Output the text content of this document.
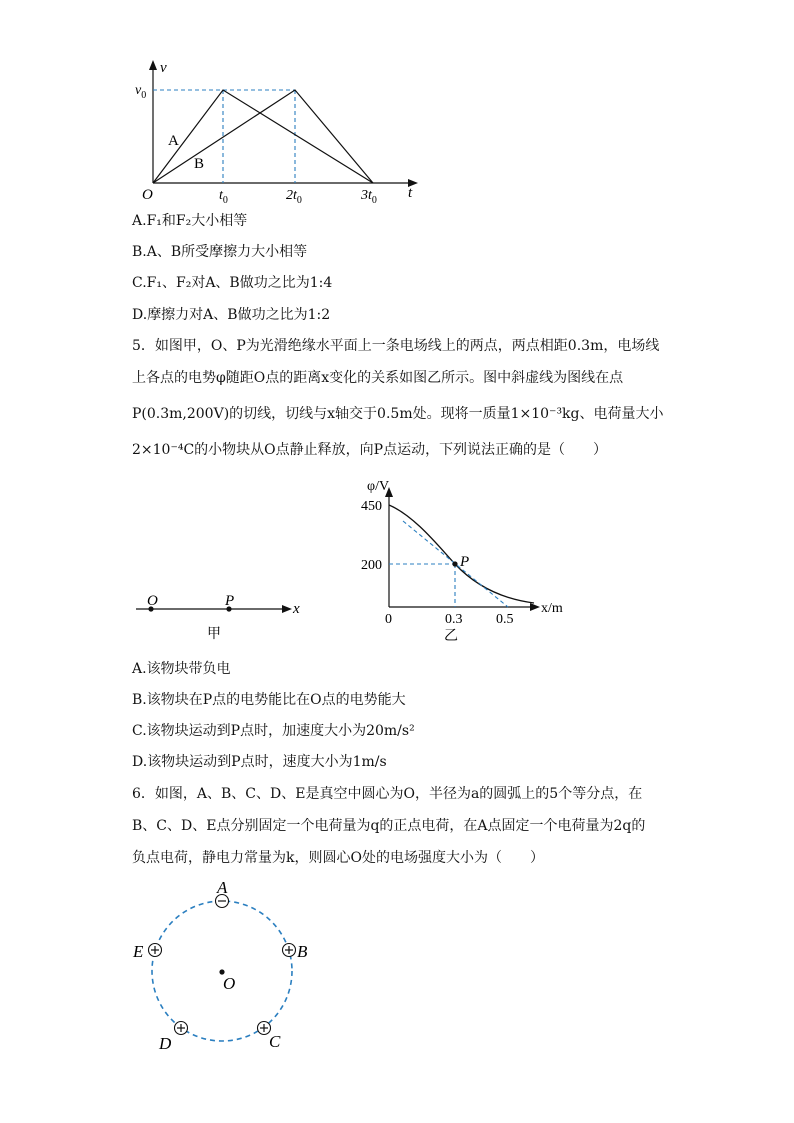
v
t
O
$v_0$
$t_0$	$2t_0$	$3t_0$
A
B
A.F₁和F₂大小相等
B.A、B所受摩擦力大小相等
C.F₁、F₂对A、B做功之比为1:4
D.摩擦力对A、B做功之比为1:2
5．如图甲，O、P为光滑绝缘水平面上一条电场线上的两点，两点相距0.3m，电场线
上各点的电势φ随距O点的距离x变化的关系如图乙所示。图中斜虚线为图线在点
P(0.3m,200V)的切线，切线与x轴交于0.5m处。现将一质量1×10⁻³kg、电荷量大小
2×10⁻⁴C的小物块从O点静止释放，向P点运动，下列说法正确的是（　　）
O	P	x
甲
φ/V
x/m
450
200
0	0.3 0.5
P
乙
A.该物块带负电
B.该物块在P点的电势能比在O点的电势能大
C.该物块运动到P点时，加速度大小为20m/s²
D.该物块运动到P点时，速度大小为1m/s
6．如图，A、B、C、D、E是真空中圆心为O，半径为a的圆弧上的5个等分点，在
B、C、D、E点分别固定一个电荷量为q的正点电荷，在A点固定一个电荷量为2q的
负点电荷，静电力常量为k，则圆心O处的电场强度大小为（　　）
A
B
C
D
E
O
